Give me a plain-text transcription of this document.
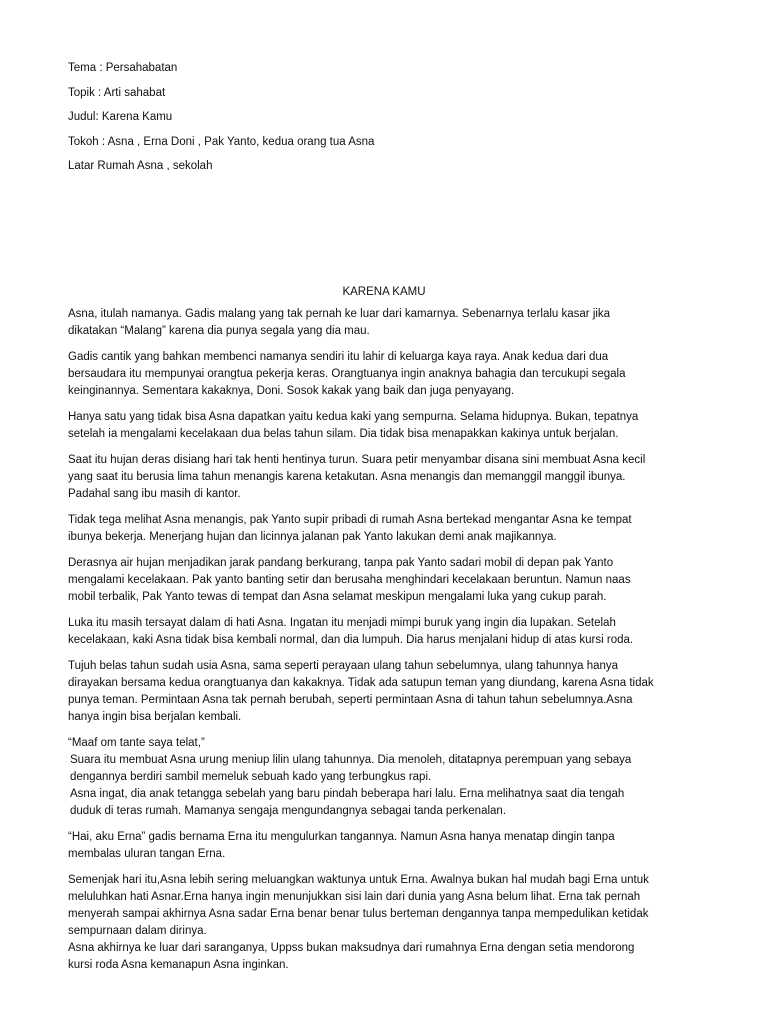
Tema : Persahabatan
Topik : Arti sahabat
Judul: Karena Kamu
Tokoh : Asna , Erna Doni , Pak Yanto, kedua orang tua Asna
Latar Rumah Asna , sekolah
KARENA KAMU
Asna, itulah namanya. Gadis malang yang tak pernah ke luar dari kamarnya. Sebenarnya terlalu kasar jika
dikatakan “Malang” karena dia punya segala yang dia mau.
Gadis cantik yang bahkan membenci namanya sendiri itu lahir di keluarga kaya raya. Anak kedua dari dua
bersaudara itu mempunyai orangtua pekerja keras. Orangtuanya ingin anaknya bahagia dan tercukupi segala
keinginannya. Sementara kakaknya, Doni. Sosok kakak yang baik dan juga penyayang.
Hanya satu yang tidak bisa Asna dapatkan yaitu kedua kaki yang sempurna. Selama hidupnya. Bukan, tepatnya
setelah ia mengalami kecelakaan dua belas tahun silam. Dia tidak bisa menapakkan kakinya untuk berjalan.
Saat itu hujan deras disiang hari tak henti hentinya turun. Suara petir menyambar disana sini membuat Asna kecil
yang saat itu berusia lima tahun menangis karena ketakutan. Asna menangis dan memanggil manggil ibunya.
Padahal sang ibu masih di kantor.
Tidak tega melihat Asna menangis, pak Yanto supir pribadi di rumah Asna bertekad mengantar Asna ke tempat
ibunya bekerja. Menerjang hujan dan licinnya jalanan pak Yanto lakukan demi anak majikannya.
Derasnya air hujan menjadikan jarak pandang berkurang, tanpa pak Yanto sadari mobil di depan pak Yanto
mengalami kecelakaan. Pak yanto banting setir dan berusaha menghindari kecelakaan beruntun. Namun naas
mobil terbalik, Pak Yanto tewas di tempat dan Asna selamat meskipun mengalami luka yang cukup parah.
Luka itu masih tersayat dalam di hati Asna. Ingatan itu menjadi mimpi buruk yang ingin dia lupakan. Setelah
kecelakaan, kaki Asna tidak bisa kembali normal, dan dia lumpuh. Dia harus menjalani hidup di atas kursi roda.
Tujuh belas tahun sudah usia Asna, sama seperti perayaan ulang tahun sebelumnya, ulang tahunnya hanya
dirayakan bersama kedua orangtuanya dan kakaknya. Tidak ada satupun teman yang diundang, karena Asna tidak
punya teman. Permintaan Asna tak pernah berubah, seperti permintaan Asna di tahun tahun sebelumnya.Asna
hanya ingin bisa berjalan kembali.
“Maaf om tante saya telat,”
Suara itu membuat Asna urung meniup lilin ulang tahunnya. Dia menoleh, ditatapnya perempuan yang sebaya
dengannya berdiri sambil memeluk sebuah kado yang terbungkus rapi.
Asna ingat, dia anak tetangga sebelah yang baru pindah beberapa hari lalu. Erna melihatnya saat dia tengah
duduk di teras rumah. Mamanya sengaja mengundangnya sebagai tanda perkenalan.
“Hai, aku Erna” gadis bernama Erna itu mengulurkan tangannya. Namun Asna hanya menatap dingin tanpa
membalas uluran tangan Erna.
Semenjak hari itu,Asna lebih sering meluangkan waktunya untuk Erna. Awalnya bukan hal mudah bagi Erna untuk
meluluhkan hati Asnar.Erna hanya ingin menunjukkan sisi lain dari dunia yang Asna belum lihat. Erna tak pernah
menyerah sampai akhirnya Asna sadar Erna benar benar tulus berteman dengannya tanpa mempedulikan ketidak
sempurnaan dalam dirinya.
Asna akhirnya ke luar dari saranganya, Uppss bukan maksudnya dari rumahnya Erna dengan setia mendorong
kursi roda Asna kemanapun Asna inginkan.
